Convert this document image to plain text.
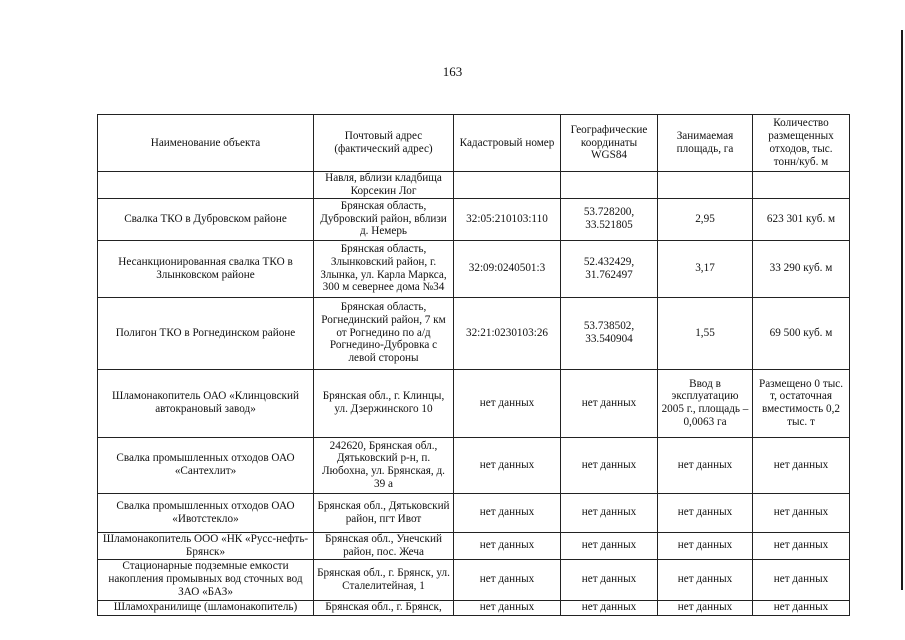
163
Наименование объекта	Почтовый адрес (фактический адрес)	Кадастровый номер	Географические координаты WGS84	Занимаемая площадь, га	Количество размещенных отходов, тыс. тонн/куб. м
	Навля, вблизи кладбища Корсекин Лог				
Свалка ТКО в Дубровском районе	Брянская область, Дубровский район, вблизи д. Немерь	32:05:210103:110	53.728200, 33.521805	2,95	623 301 куб. м
Несанкционированная свалка ТКО в Злынковском районе	Брянская область, Злынковский район, г. Злынка, ул. Карла Маркса, 300 м севернее дома №34	32:09:0240501:3	52.432429, 31.762497	3,17	33 290 куб. м
Полигон ТКО в Рогнединском районе	Брянская область, Рогнединский район, 7 км от Рогнедино по а/д Рогнедино-Дубровка с левой стороны	32:21:0230103:26	53.738502, 33.540904	1,55	69 500 куб. м
Шламонакопитель ОАО «Клинцовский автокрановый завод»	Брянская обл., г. Клинцы, ул. Дзержинского 10	нет данных	нет данных	Ввод в эксплуатацию 2005 г., площадь – 0,0063 га	Размещено 0 тыс. т, остаточная вместимость 0,2 тыс. т
Свалка промышленных отходов ОАО «Сантехлит»	242620, Брянская обл., Дятьковский р-н, п. Любохна, ул. Брянская, д. 39 а	нет данных	нет данных	нет данных	нет данных
Свалка промышленных отходов ОАО «Ивотстекло»	Брянская обл., Дятьковский район, пгт Ивот	нет данных	нет данных	нет данных	нет данных
Шламонакопитель ООО «НК «Русс-нефть-Брянск»	Брянская обл., Унечский район, пос. Жеча	нет данных	нет данных	нет данных	нет данных
Стационарные подземные емкости накопления промывных вод сточных вод ЗАО «БАЗ»	Брянская обл., г. Брянск, ул. Сталелитейная, 1	нет данных	нет данных	нет данных	нет данных
Шламохранилище (шламонакопитель)	Брянская обл., г. Брянск,	нет данных	нет данных	нет данных	нет данных
